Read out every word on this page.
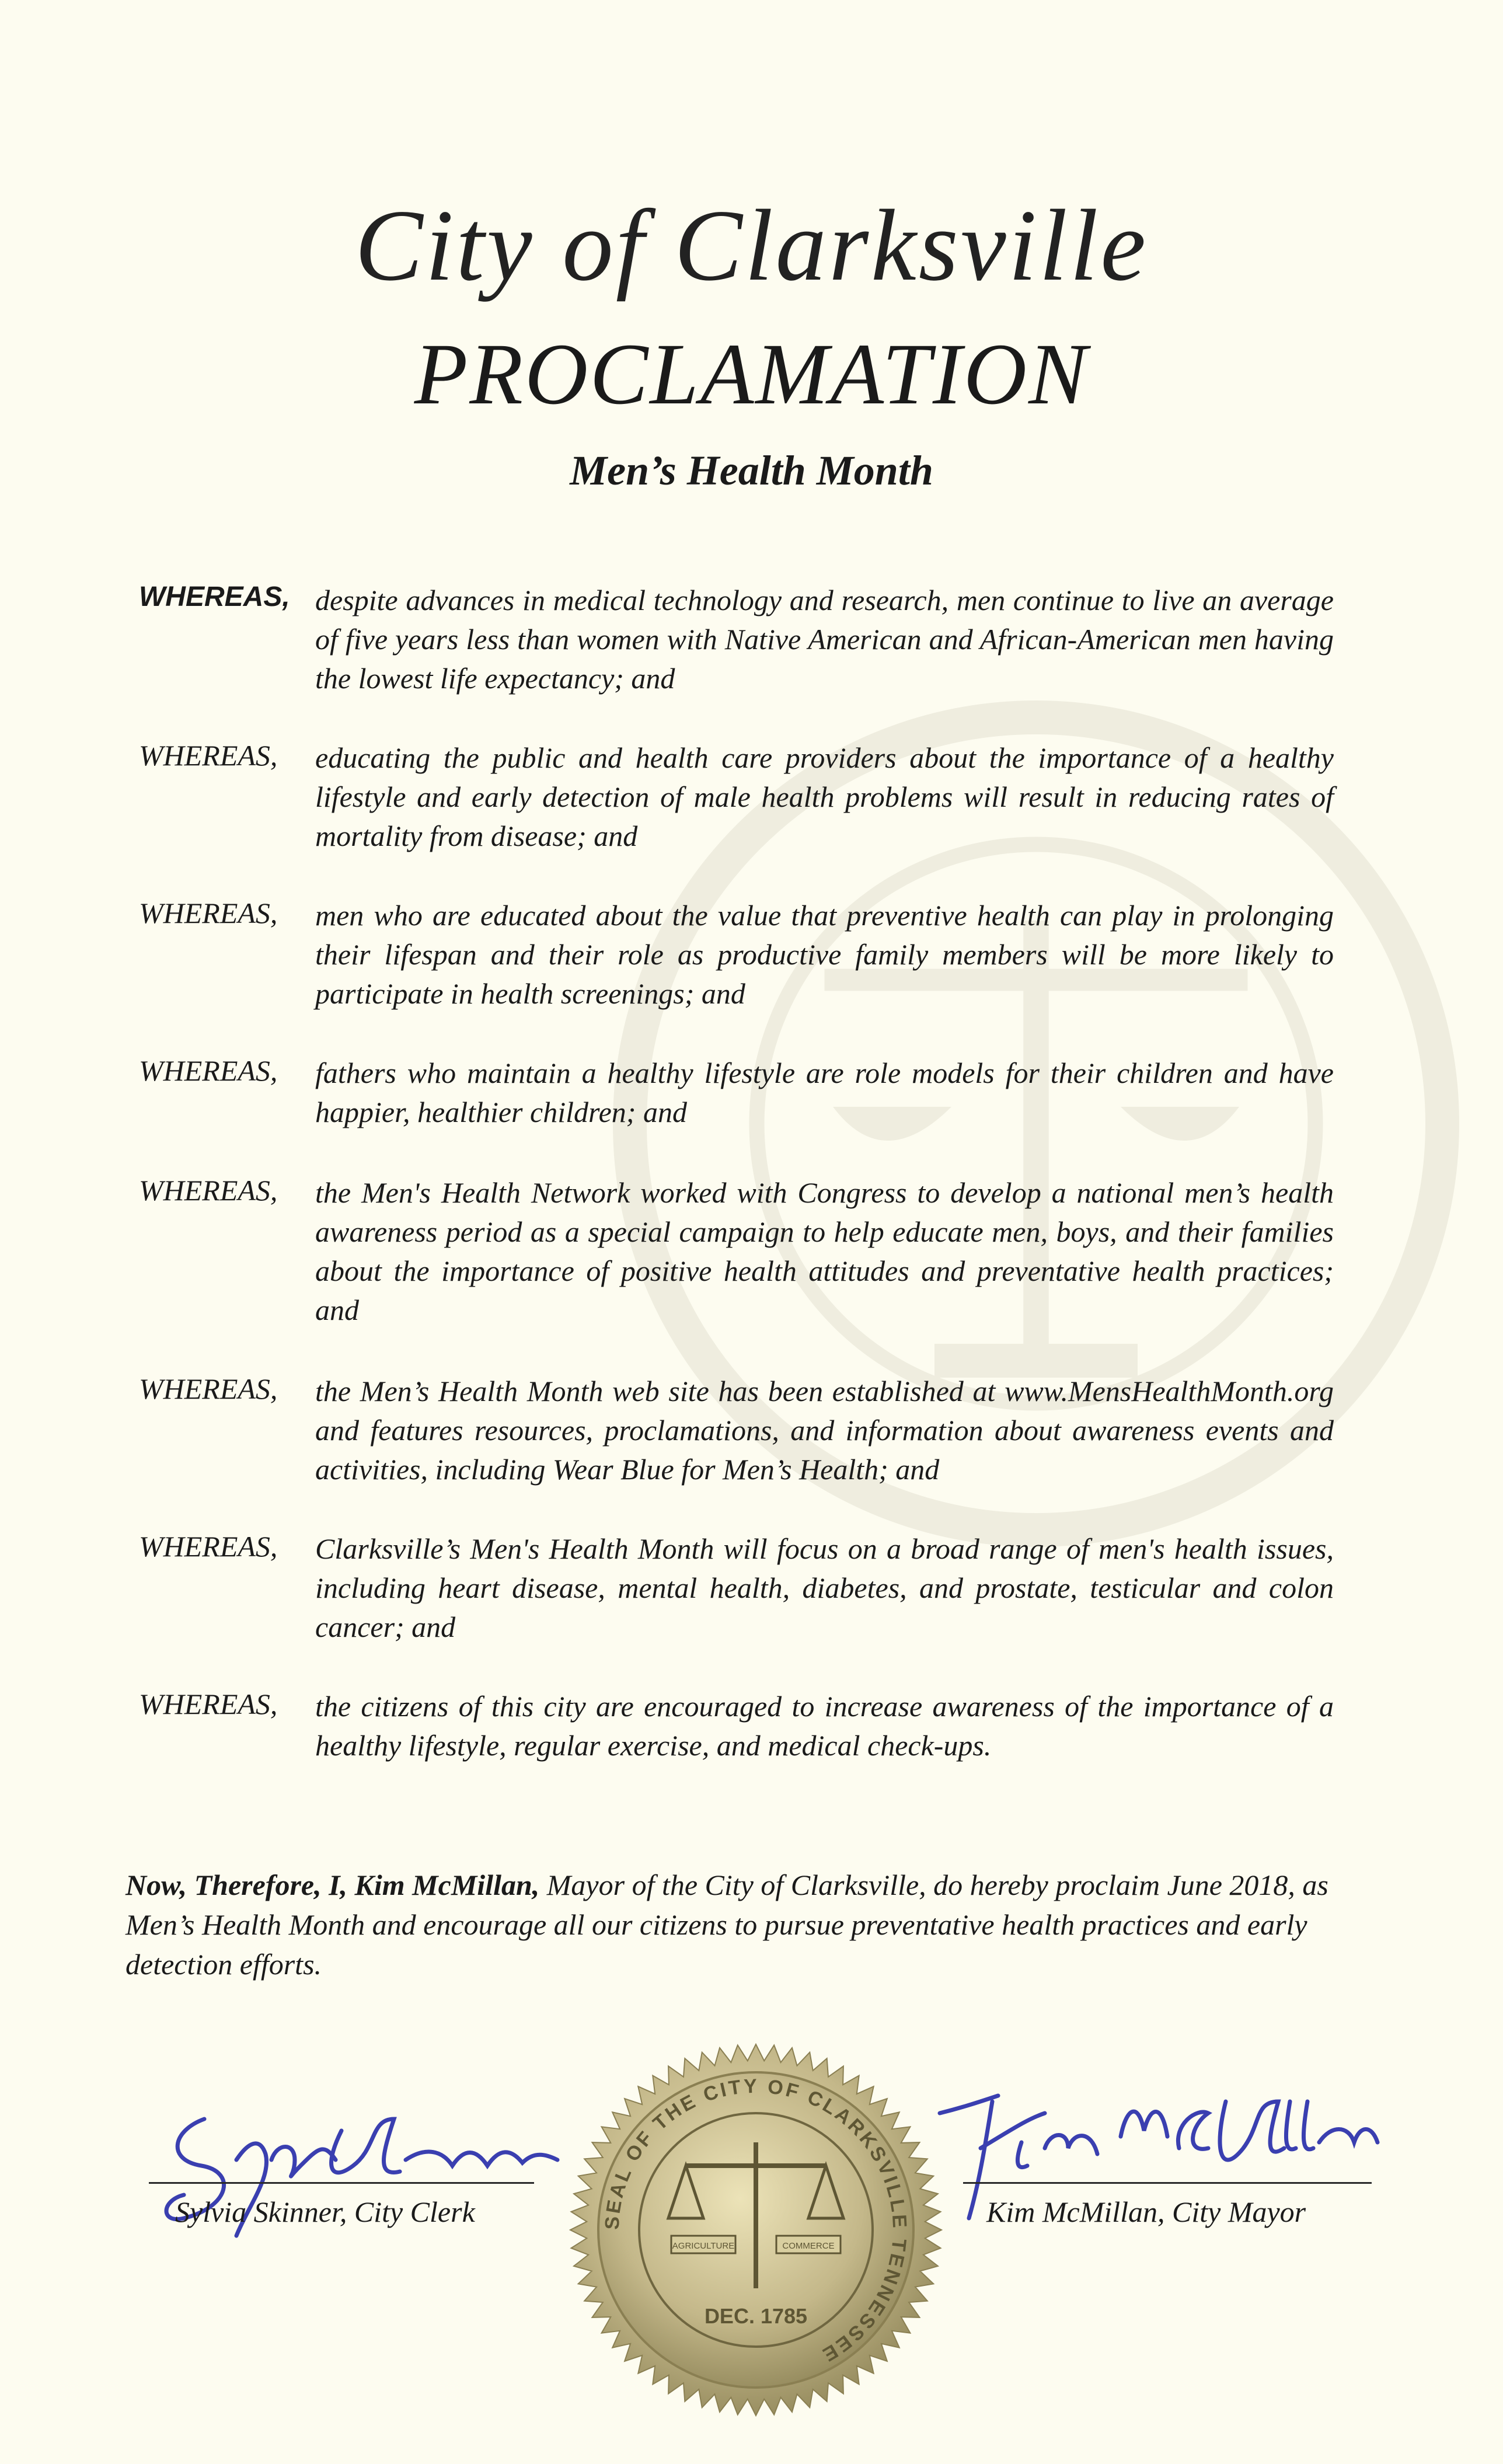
City of Clarksville
PROCLAMATION
Men’s Health Month
WHEREAS, despite advances in medical technology and research, men continue to live an average of five years less than women with Native American and African-American men having the lowest life expectancy; and
WHEREAS, educating the public and health care providers about the importance of a healthy lifestyle and early detection of male health problems will result in reducing rates of mortality from disease; and
WHEREAS, men who are educated about the value that preventive health can play in prolonging their lifespan and their role as productive family members will be more likely to participate in health screenings; and
WHEREAS, fathers who maintain a healthy lifestyle are role models for their children and have happier, healthier children; and
WHEREAS, the Men's Health Network worked with Congress to develop a national men’s health awareness period as a special campaign to help educate men, boys, and their families about the importance of positive health attitudes and preventative health practices; and
WHEREAS, the Men’s Health Month web site has been established at www.MensHealthMonth.org and features resources, proclamations, and information about awareness events and activities, including Wear Blue for Men’s Health; and
WHEREAS, Clarksville’s Men's Health Month will focus on a broad range of men's health issues, including heart disease, mental health, diabetes, and prostate, testicular and colon cancer; and
WHEREAS, the citizens of this city are encouraged to increase awareness of the importance of a healthy lifestyle, regular exercise, and medical check-ups.
Now, Therefore, I, Kim McMillan, Mayor of the City of Clarksville, do hereby proclaim June 2018, as Men’s Health Month and encourage all our citizens to pursue preventative health practices and early detection efforts.
Sylvia Skinner, City Clerk	Kim McMillan, City Mayor
SEAL OF THE CITY OF CLARKSVILLE TENNESSEE
AGRICULTURE	COMMERCE
DEC. 1785
